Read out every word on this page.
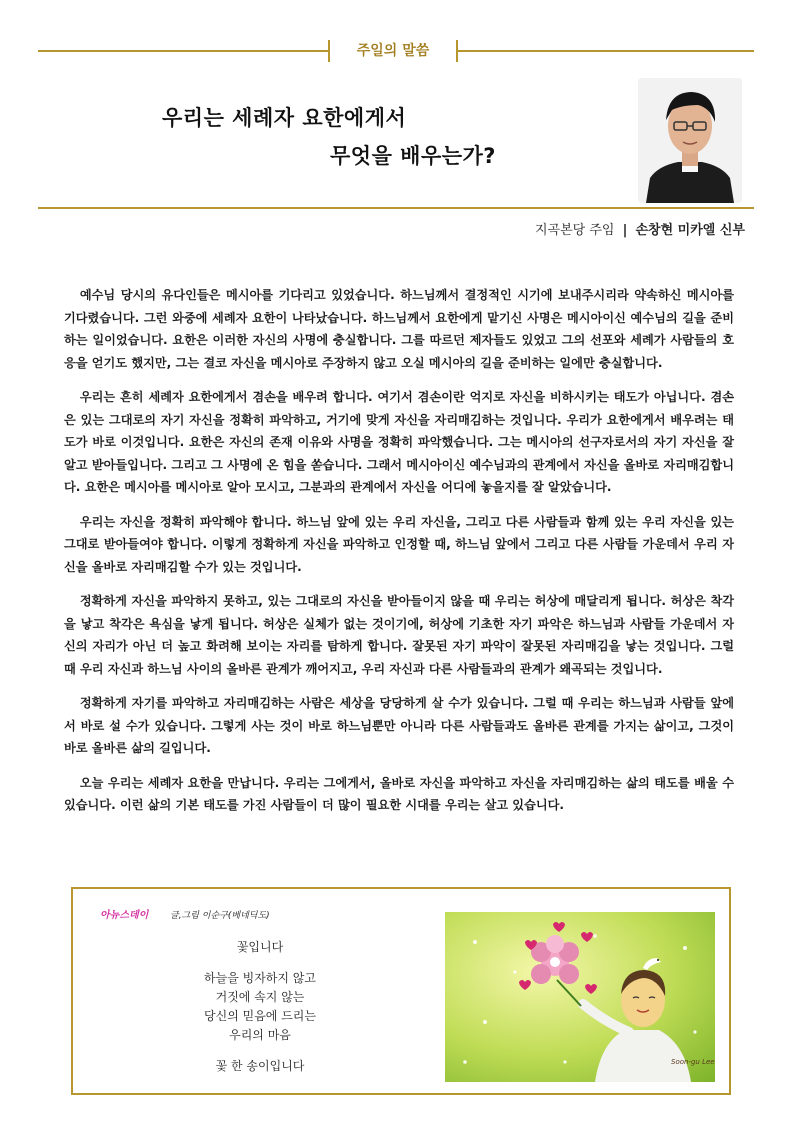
주일의 말씀
우리는 세례자 요한에게서
무엇을 배우는가?
지곡본당 주임 | 손창현 미카엘 신부

예수님 당시의 유다인들은 메시아를 기다리고 있었습니다. 하느님께서 결정적인 시기에 보내주시리라 약속하신 메시아를 기다렸습니다. 그런 와중에 세례자 요한이 나타났습니다. 하느님께서 요한에게 맡기신 사명은 메시아이신 예수님의 길을 준비하는 일이었습니다. 요한은 이러한 자신의 사명에 충실합니다. 그를 따르던 제자들도 있었고 그의 선포와 세례가 사람들의 호응을 얻기도 했지만, 그는 결코 자신을 메시아로 주장하지 않고 오실 메시아의 길을 준비하는 일에만 충실합니다.

우리는 흔히 세례자 요한에게서 겸손을 배우려 합니다. 여기서 겸손이란 억지로 자신을 비하시키는 태도가 아닙니다. 겸손은 있는 그대로의 자기 자신을 정확히 파악하고, 거기에 맞게 자신을 자리매김하는 것입니다. 우리가 요한에게서 배우려는 태도가 바로 이것입니다. 요한은 자신의 존재 이유와 사명을 정확히 파악했습니다. 그는 메시아의 선구자로서의 자기 자신을 잘 알고 받아들입니다. 그리고 그 사명에 온 힘을 쏟습니다. 그래서 메시아이신 예수님과의 관계에서 자신을 올바로 자리매김합니다. 요한은 메시아를 메시아로 알아 모시고, 그분과의 관계에서 자신을 어디에 놓을지를 잘 알았습니다.

우리는 자신을 정확히 파악해야 합니다. 하느님 앞에 있는 우리 자신을, 그리고 다른 사람들과 함께 있는 우리 자신을 있는 그대로 받아들여야 합니다. 이렇게 정확하게 자신을 파악하고 인정할 때, 하느님 앞에서 그리고 다른 사람들 가운데서 우리 자신을 올바로 자리매김할 수가 있는 것입니다.

정확하게 자신을 파악하지 못하고, 있는 그대로의 자신을 받아들이지 않을 때 우리는 허상에 매달리게 됩니다. 허상은 착각을 낳고 착각은 욕심을 낳게 됩니다. 허상은 실체가 없는 것이기에, 허상에 기초한 자기 파악은 하느님과 사람들 가운데서 자신의 자리가 아닌 더 높고 화려해 보이는 자리를 탐하게 합니다. 잘못된 자기 파악이 잘못된 자리매김을 낳는 것입니다. 그럴 때 우리 자신과 하느님 사이의 올바른 관계가 깨어지고, 우리 자신과 다른 사람들과의 관계가 왜곡되는 것입니다.

정확하게 자기를 파악하고 자리매김하는 사람은 세상을 당당하게 살 수가 있습니다. 그럴 때 우리는 하느님과 사람들 앞에서 바로 설 수가 있습니다. 그렇게 사는 것이 바로 하느님뿐만 아니라 다른 사람들과도 올바른 관계를 가지는 삶이고, 그것이 바로 올바른 삶의 길입니다.

오늘 우리는 세례자 요한을 만납니다. 우리는 그에게서, 올바로 자신을 파악하고 자신을 자리매김하는 삶의 태도를 배울 수 있습니다. 이런 삶의 기본 태도를 가진 사람들이 더 많이 필요한 시대를 우리는 살고 있습니다.

아뉴스데이 글,그림 이순구(베네딕도)
꽃입니다
하늘을 빙자하지 않고
거짓에 속지 않는
당신의 믿음에 드리는
우리의 마음
꽃 한 송이입니다	Soon-gu Lee
